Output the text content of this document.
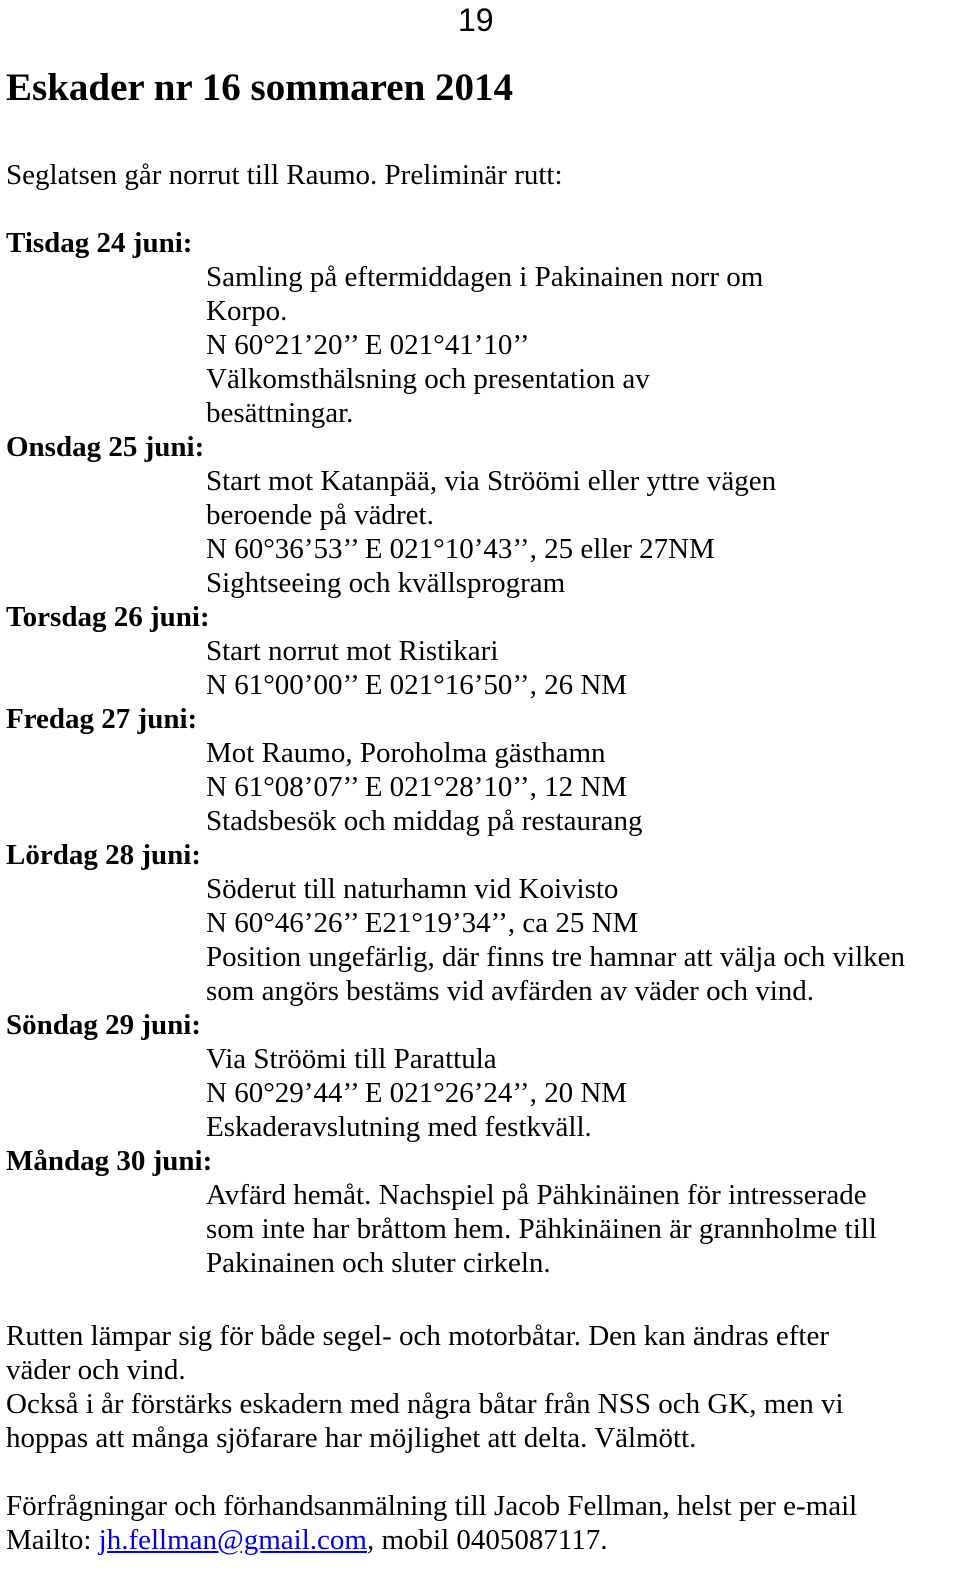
19
Eskader nr 16 sommaren 2014

Seglatsen går norrut till Raumo. Preliminär rutt:

Tisdag 24 juni:
Samling på eftermiddagen i Pakinainen norr om
Korpo.
N 60°21’20’’ E 021°41’10’’
Välkomsthälsning och presentation av
besättningar.
Onsdag 25 juni:
Start mot Katanpää, via Ströömi eller yttre vägen
beroende på vädret.
N 60°36’53’’ E 021°10’43’’, 25 eller 27NM
Sightseeing och kvällsprogram
Torsdag 26 juni:
Start norrut mot Ristikari
N 61°00’00’’ E 021°16’50’’, 26 NM
Fredag 27 juni:
Mot Raumo, Poroholma gästhamn
N 61°08’07’’ E 021°28’10’’, 12 NM
Stadsbesök och middag på restaurang
Lördag 28 juni:
Söderut till naturhamn vid Koivisto
N 60°46’26’’ E21°19’34’’, ca 25 NM
Position ungefärlig, där finns tre hamnar att välja och vilken
som angörs bestäms vid avfärden av väder och vind.
Söndag 29 juni:
Via Ströömi till Parattula
N 60°29’44’’ E 021°26’24’’, 20 NM
Eskaderavslutning med festkväll.
Måndag 30 juni:
Avfärd hemåt. Nachspiel på Pähkinäinen för intresserade
som inte har bråttom hem. Pähkinäinen är grannholme till
Pakinainen och sluter cirkeln.

Rutten lämpar sig för både segel- och motorbåtar. Den kan ändras efter

väder och vind.

Också i år förstärks eskadern med några båtar från NSS och GK, men vi

hoppas att många sjöfarare har möjlighet att delta. Välmött.

Förfrågningar och förhandsanmälning till Jacob Fellman, helst per e-mail

Mailto: jh.fellman@gmail.com, mobil 0405087117.
